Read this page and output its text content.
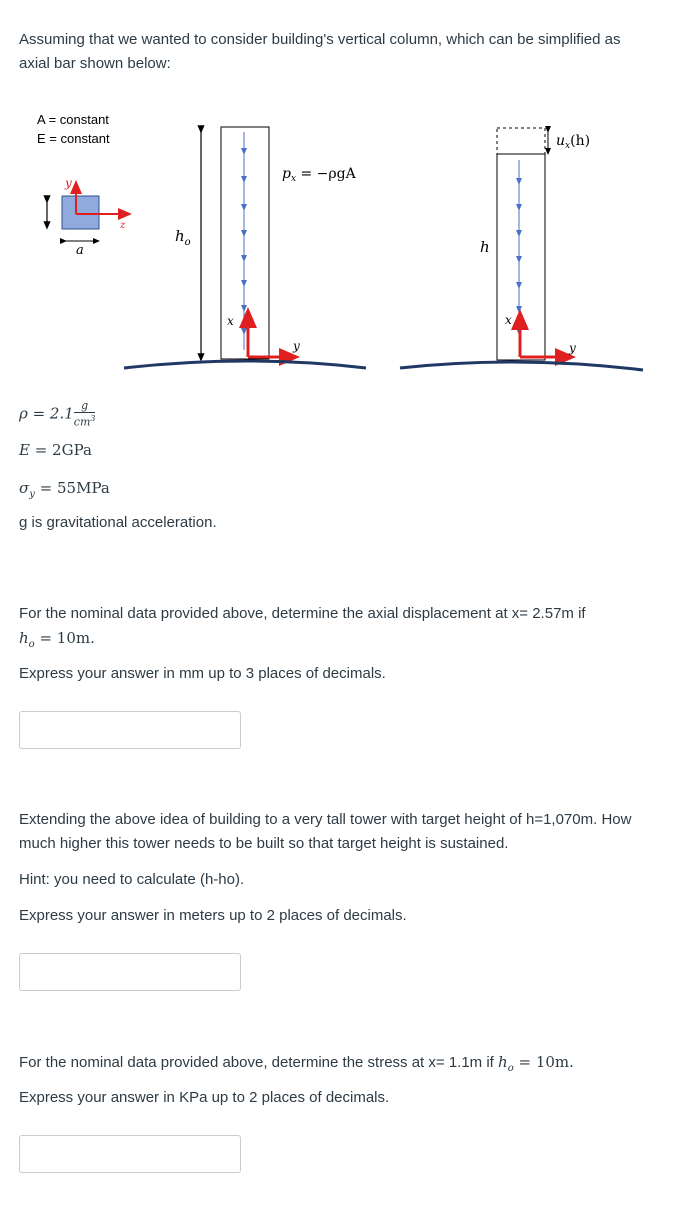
Assuming that we wanted to consider building's vertical column, which can be simplified as

axial bar shown below:

A = constant
E = constant
y
z
a
$h_o$
x
y
$p_x = -\rho gA$
x
y
h
$u_x(h)$

$\rho = 2.1 \frac{g}{cm^3}$

E = 2GPa

$\sigma_y = 55MPa$

g is gravitational acceleration.

For the nominal data provided above, determine the axial displacement at x= 2.57m if

$h_o = 10m$.

Express your answer in mm up to 3 places of decimals.

Extending the above idea of building to a very tall tower with target height of h=1,070m. How

much higher this tower needs to be built so that target height is sustained.

Hint: you need to calculate (h-ho).

Express your answer in meters up to 2 places of decimals.

For the nominal data provided above, determine the stress at x= 1.1m if $h_o = 10m$.

Express your answer in KPa up to 2 places of decimals.
